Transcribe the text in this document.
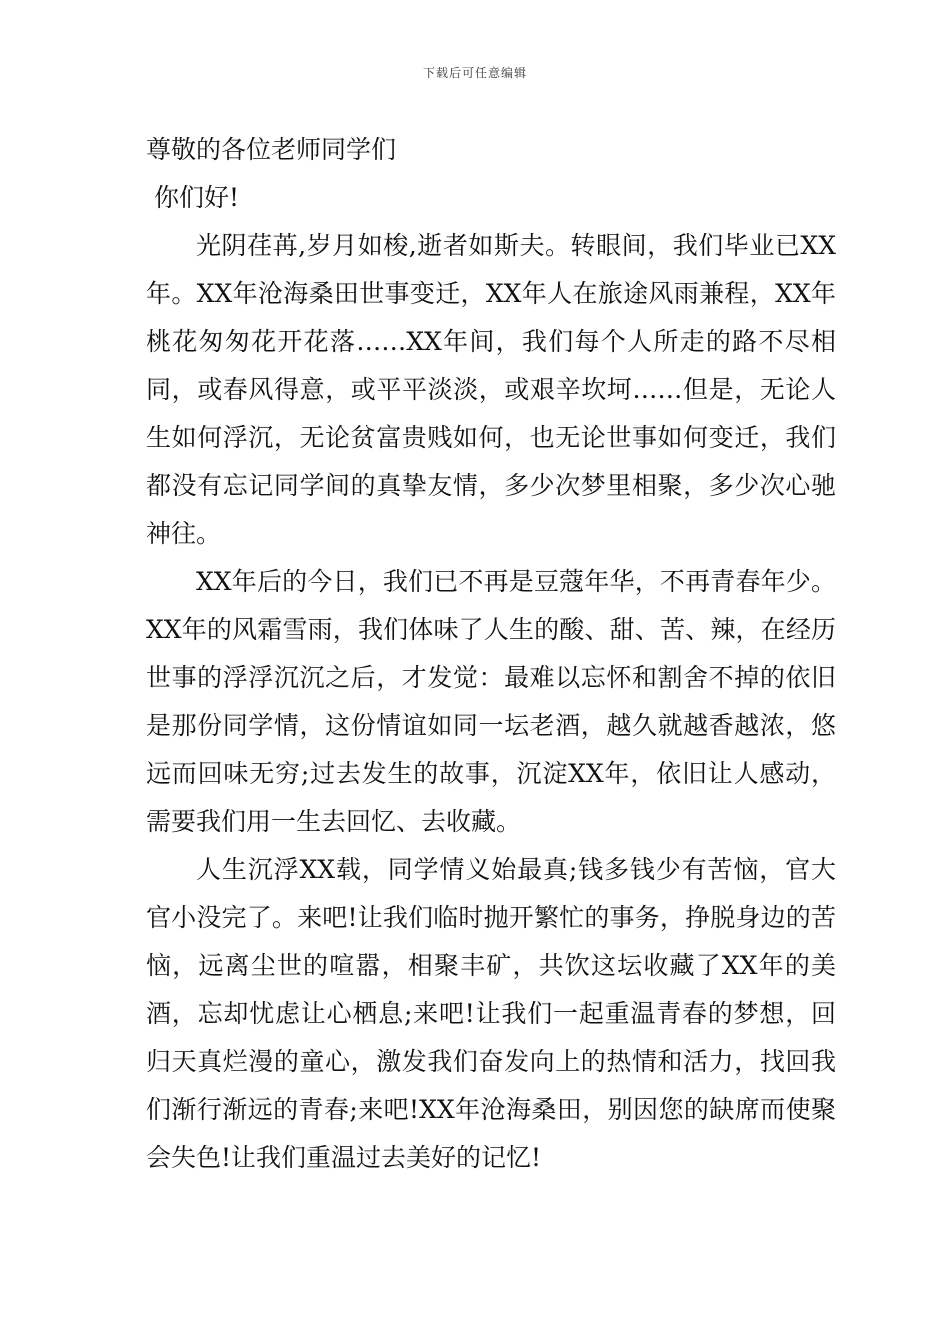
下载后可任意编辑

尊敬的各位老师同学们

你们好!

光阴荏苒,岁月如梭,逝者如斯夫。转眼间，我们毕业已XX年。XX年沧海桑田世事变迁，XX年人在旅途风雨兼程，XX年桃花匆匆花开花落……XX年间，我们每个人所走的路不尽相同，或春风得意，或平平淡淡，或艰辛坎坷……但是，无论人生如何浮沉，无论贫富贵贱如何，也无论世事如何变迁，我们都没有忘记同学间的真挚友情，多少次梦里相聚，多少次心驰神往。

XX年后的今日，我们已不再是豆蔻年华，不再青春年少。XX年的风霜雪雨，我们体味了人生的酸、甜、苦、辣，在经历世事的浮浮沉沉之后，才发觉：最难以忘怀和割舍不掉的依旧是那份同学情，这份情谊如同一坛老酒，越久就越香越浓，悠远而回味无穷;过去发生的故事，沉淀XX年，依旧让人感动，需要我们用一生去回忆、去收藏。

人生沉浮XX载，同学情义始最真;钱多钱少有苦恼，官大官小没完了。来吧!让我们临时抛开繁忙的事务，挣脱身边的苦恼，远离尘世的喧嚣，相聚丰矿，共饮这坛收藏了XX年的美酒，忘却忧虑让心栖息;来吧!让我们一起重温青春的梦想，回归天真烂漫的童心，激发我们奋发向上的热情和活力，找回我们渐行渐远的青春;来吧!XX年沧海桑田，别因您的缺席而使聚会失色!让我们重温过去美好的记忆!
